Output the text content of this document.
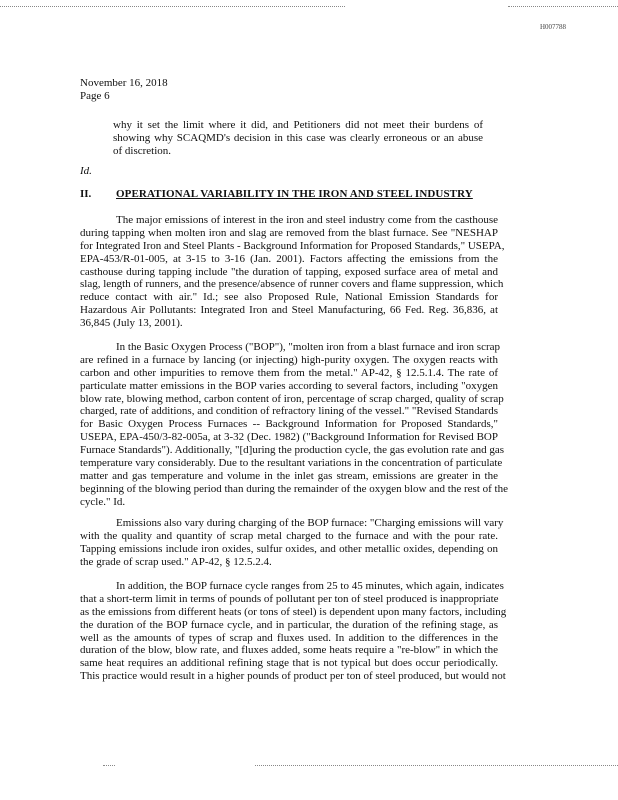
H007788
November 16, 2018
Page 6
why it set the limit where it did, and Petitioners did not meet their burdens of
showing why SCAQMD's decision in this case was clearly erroneous or an abuse
of discretion.
Id.
II. OPERATIONAL VARIABILITY IN THE IRON AND STEEL INDUSTRY
The major emissions of interest in the iron and steel industry come from the casthouse
during tapping when molten iron and slag are removed from the blast furnace. See "NESHAP
for Integrated Iron and Steel Plants - Background Information for Proposed Standards," USEPA,
EPA-453/R-01-005, at 3-15 to 3-16 (Jan. 2001). Factors affecting the emissions from the
casthouse during tapping include "the duration of tapping, exposed surface area of metal and
slag, length of runners, and the presence/absence of runner covers and flame suppression, which
reduce contact with air." Id.; see also Proposed Rule, National Emission Standards for
Hazardous Air Pollutants: Integrated Iron and Steel Manufacturing, 66 Fed. Reg. 36,836, at
36,845 (July 13, 2001).
In the Basic Oxygen Process ("BOP"), "molten iron from a blast furnace and iron scrap
are refined in a furnace by lancing (or injecting) high-purity oxygen. The oxygen reacts with
carbon and other impurities to remove them from the metal." AP-42, § 12.5.1.4. The rate of
particulate matter emissions in the BOP varies according to several factors, including "oxygen
blow rate, blowing method, carbon content of iron, percentage of scrap charged, quality of scrap
charged, rate of additions, and condition of refractory lining of the vessel." "Revised Standards
for Basic Oxygen Process Furnaces -- Background Information for Proposed Standards,"
USEPA, EPA-450/3-82-005a, at 3-32 (Dec. 1982) ("Background Information for Revised BOP
Furnace Standards"). Additionally, "[d]uring the production cycle, the gas evolution rate and gas
temperature vary considerably. Due to the resultant variations in the concentration of particulate
matter and gas temperature and volume in the inlet gas stream, emissions are greater in the
beginning of the blowing period than during the remainder of the oxygen blow and the rest of the
cycle." Id.
Emissions also vary during charging of the BOP furnace: "Charging emissions will vary
with the quality and quantity of scrap metal charged to the furnace and with the pour rate.
Tapping emissions include iron oxides, sulfur oxides, and other metallic oxides, depending on
the grade of scrap used." AP-42, § 12.5.2.4.
In addition, the BOP furnace cycle ranges from 25 to 45 minutes, which again, indicates
that a short-term limit in terms of pounds of pollutant per ton of steel produced is inappropriate
as the emissions from different heats (or tons of steel) is dependent upon many factors, including
the duration of the BOP furnace cycle, and in particular, the duration of the refining stage, as
well as the amounts of types of scrap and fluxes used. In addition to the differences in the
duration of the blow, blow rate, and fluxes added, some heats require a "re-blow" in which the
same heat requires an additional refining stage that is not typical but does occur periodically.
This practice would result in a higher pounds of product per ton of steel produced, but would not
